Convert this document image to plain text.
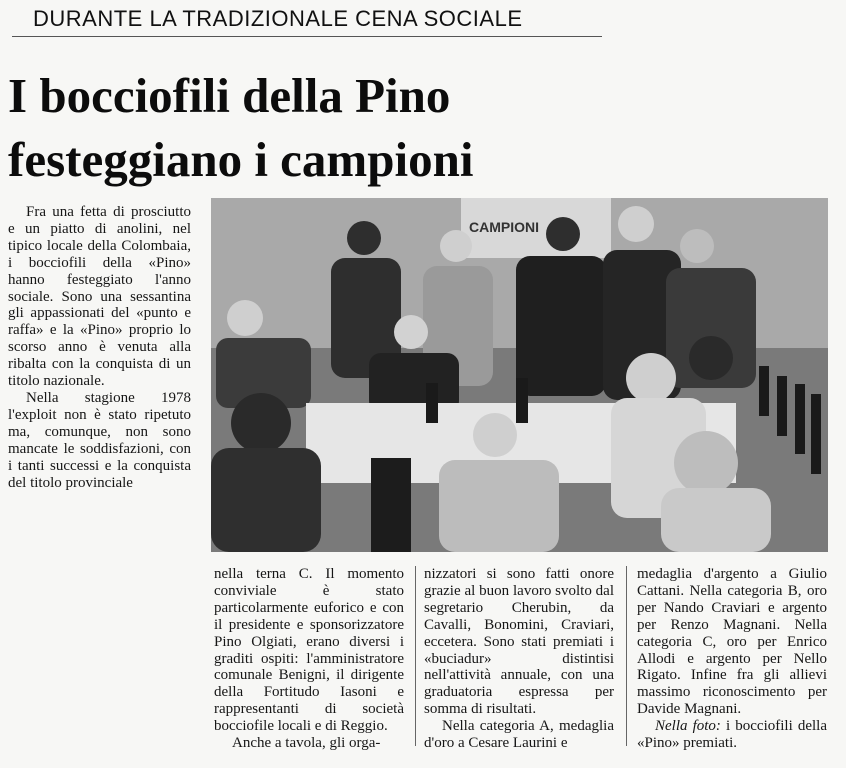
DURANTE LA TRADIZIONALE CENA SOCIALE
I bocciofili della Pino
festeggiano i campioni

Fra una fetta di prosciutto e un piatto di anolini, nel tipico locale della Colombaia, i bocciofili della «Pino» hanno festeggiato l'anno sociale. Sono una sessantina gli appassionati del «punto e raffa» e la «Pino» proprio lo scorso anno è venuta alla ribalta con la conquista di un titolo nazionale.

Nella stagione 1978 l'exploit non è stato ripetuto ma, comunque, non sono mancate le soddisfazioni, con i tanti successi e la conquista del titolo provinciale

CAMPIONI

nella terna C. Il momento conviviale è stato particolarmente euforico e con il presidente e sponsorizzatore Pino Olgiati, erano diversi i graditi ospiti: l'amministratore comunale Benigni, il dirigente della Fortitudo Iasoni e rappresentanti di società bocciofile locali e di Reggio.

Anche a tavola, gli orga-

nizzatori si sono fatti onore grazie al buon lavoro svolto dal segretario Cherubin, da Cavalli, Bonomini, Craviari, eccetera. Sono stati premiati i «buciadur» distintisi nell'attività annuale, con una graduatoria espressa per somma di risultati.

Nella categoria A, medaglia d'oro a Cesare Laurini e

medaglia d'argento a Giulio Cattani. Nella categoria B, oro per Nando Craviari e argento per Renzo Magnani. Nella categoria C, oro per Enrico Allodi e argento per Nello Rigato. Infine fra gli allievi massimo riconoscimento per Davide Magnani.

Nella foto: i bocciofili della «Pino» premiati.
